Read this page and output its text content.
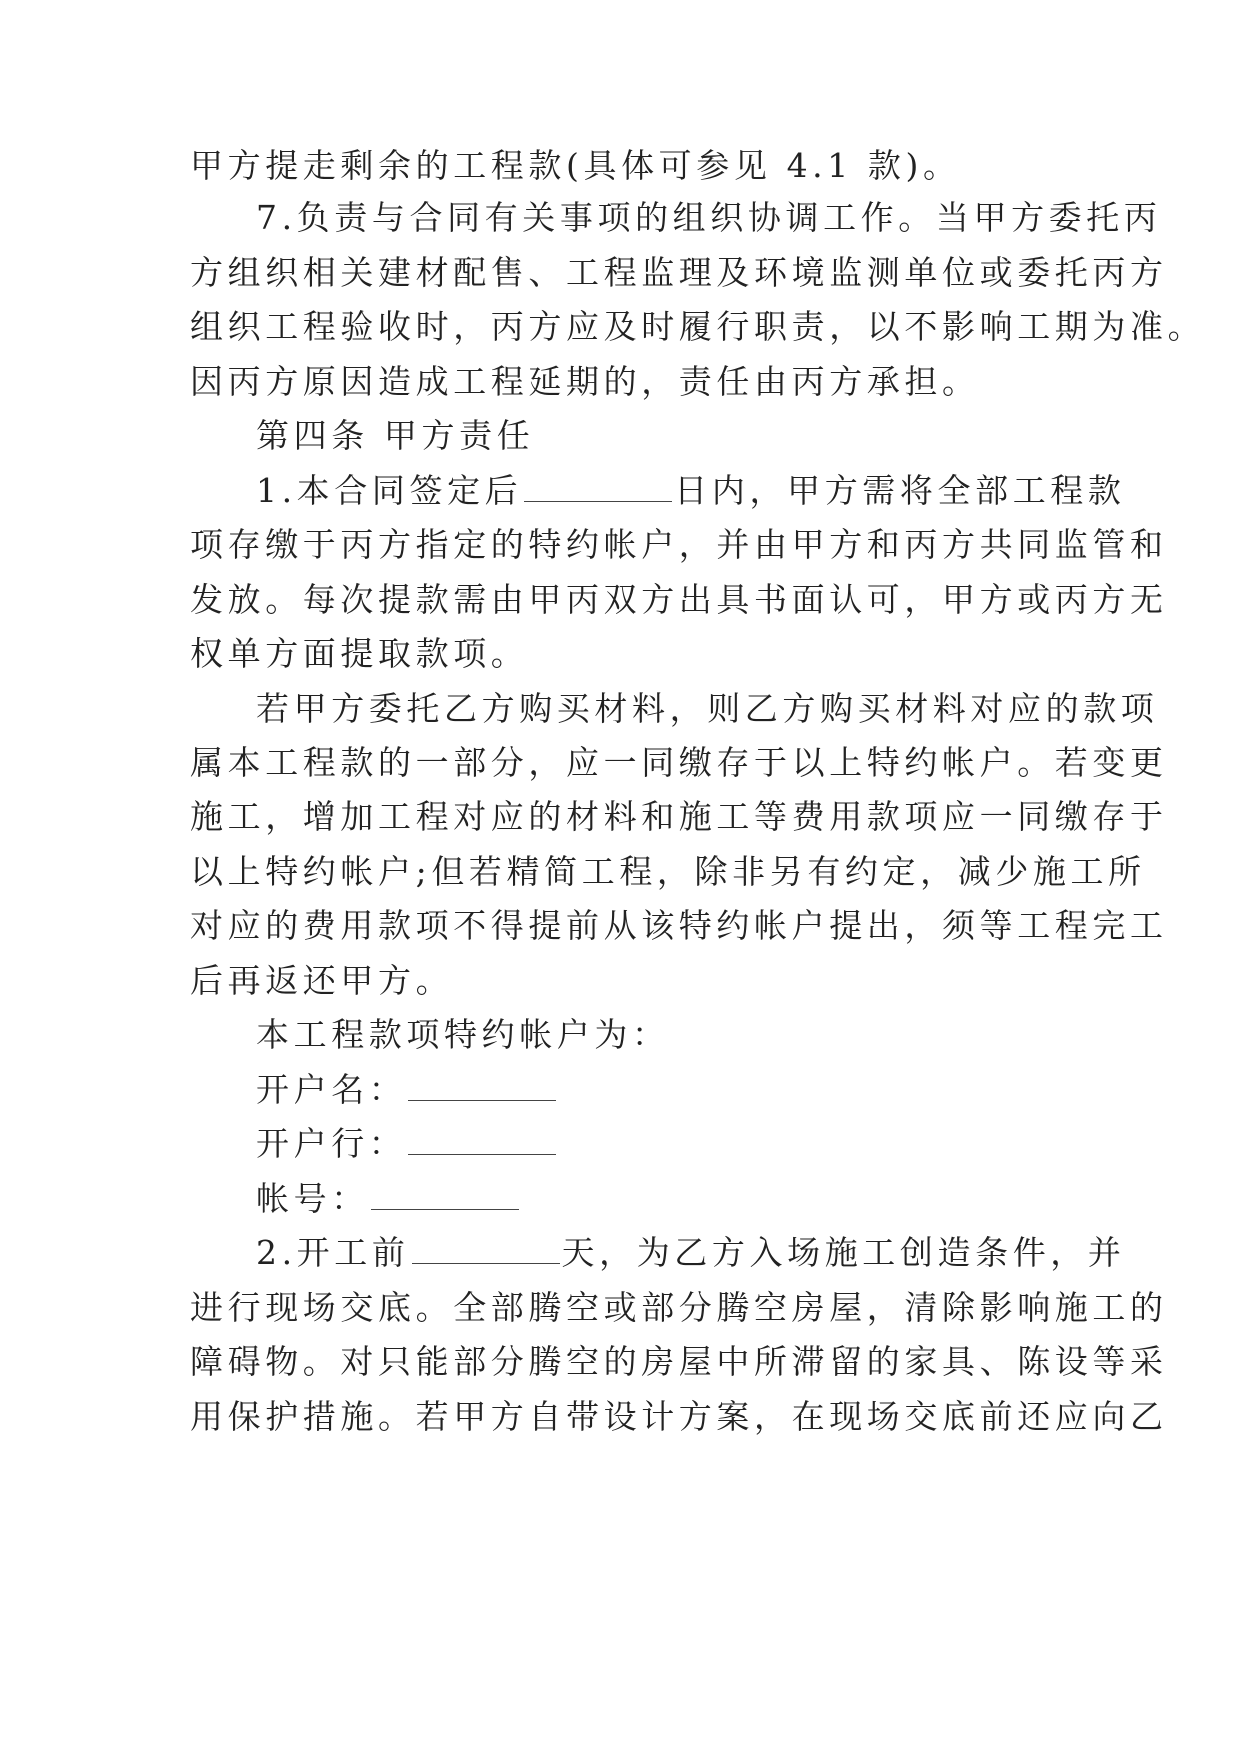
甲方提走剩余的工程款(具体可参见 4.1 款)。
7.负责与合同有关事项的组织协调工作。当甲方委托丙
方组织相关建材配售、工程监理及环境监测单位或委托丙方
组织工程验收时，丙方应及时履行职责，以不影响工期为准。
因丙方原因造成工程延期的，责任由丙方承担。
第四条 甲方责任
1.本合同签定后	日内，甲方需将全部工程款
项存缴于丙方指定的特约帐户，并由甲方和丙方共同监管和
发放。每次提款需由甲丙双方出具书面认可，甲方或丙方无
权单方面提取款项。
若甲方委托乙方购买材料，则乙方购买材料对应的款项
属本工程款的一部分，应一同缴存于以上特约帐户。若变更
施工，增加工程对应的材料和施工等费用款项应一同缴存于
以上特约帐户;但若精简工程，除非另有约定，减少施工所
对应的费用款项不得提前从该特约帐户提出，须等工程完工
后再返还甲方。
本工程款项特约帐户为：
开户名：
开户行：
帐号：
2.开工前	天，为乙方入场施工创造条件，并
进行现场交底。全部腾空或部分腾空房屋，清除影响施工的
障碍物。对只能部分腾空的房屋中所滞留的家具、陈设等采
用保护措施。若甲方自带设计方案，在现场交底前还应向乙
